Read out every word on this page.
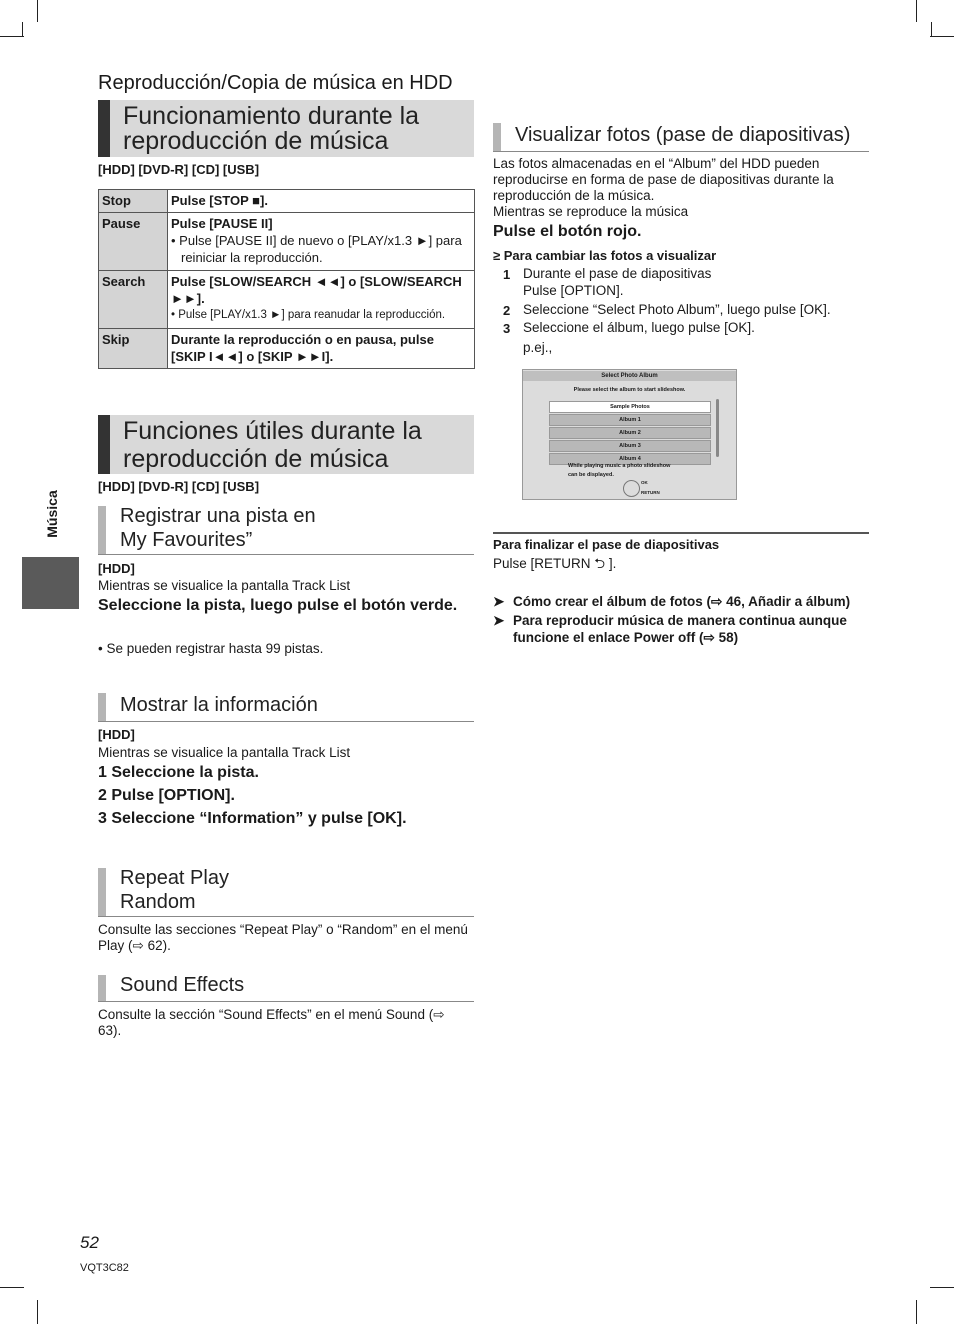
Reproducción/Copia de música en HDD
Funcionamiento durante la
reproducción de música
[HDD] [DVD-R] [CD] [USB]
Stop	Pulse [STOP ■].
Pause	Pulse [PAUSE II]
• Pulse [PAUSE II] de nuevo o [PLAY/x1.3 ►] para reiniciar la reproducción.

Search	Pulse [SLOW/SEARCH ◄◄] o [SLOW/SEARCH ►►].
• Pulse [PLAY/x1.3 ►] para reanudar la reproducción.

Skip	Durante la reproducción o en pausa, pulse [SKIP I◄◄] o [SKIP ►►I].
Funciones útiles durante la
reproducción de música
[HDD] [DVD-R] [CD] [USB]
Registrar una pista en
My Favourites”
[HDD]
Mientras se visualice la pantalla Track List
Seleccione la pista, luego pulse el botón verde.
• Se pueden registrar hasta 99 pistas.
Mostrar la información
[HDD]
Mientras se visualice la pantalla Track List
1 Seleccione la pista.
2 Pulse [OPTION].
3 Seleccione “Information” y pulse [OK].
Repeat Play
Random
Consulte las secciones “Repeat Play” o “Random” en el menú Play (⇨ 62).
Sound Effects
Consulte la sección “Sound Effects” en el menú Sound (⇨ 63).
Música
Visualizar fotos (pase de diapositivas)
Las fotos almacenadas en el “Album” del HDD pueden reproducirse en forma de pase de diapositivas durante la reproducción de la música.
Mientras se reproduce la música
Pulse el botón rojo.
≥ Para cambiar las fotos a visualizar
1 Durante el pase de diapositivas
Pulse [OPTION].
2 Seleccione “Select Photo Album”, luego pulse [OK].
3 Seleccione el álbum, luego pulse [OK].
p.ej.,
Select Photo Album
Please select the album to start slideshow.
Sample Photos
Album 1
Album 2
Album 3
Album 4
While playing music a photo slideshow
can be displayed.
OK
RETURN
Para finalizar el pase de diapositivas
Pulse [RETURN ⮌ ].
➤ Cómo crear el álbum de fotos (⇨ 46, Añadir a álbum)
➤ Para reproducir música de manera continua aunque funcione el enlace Power off (⇨ 58)
52
VQT3C82
